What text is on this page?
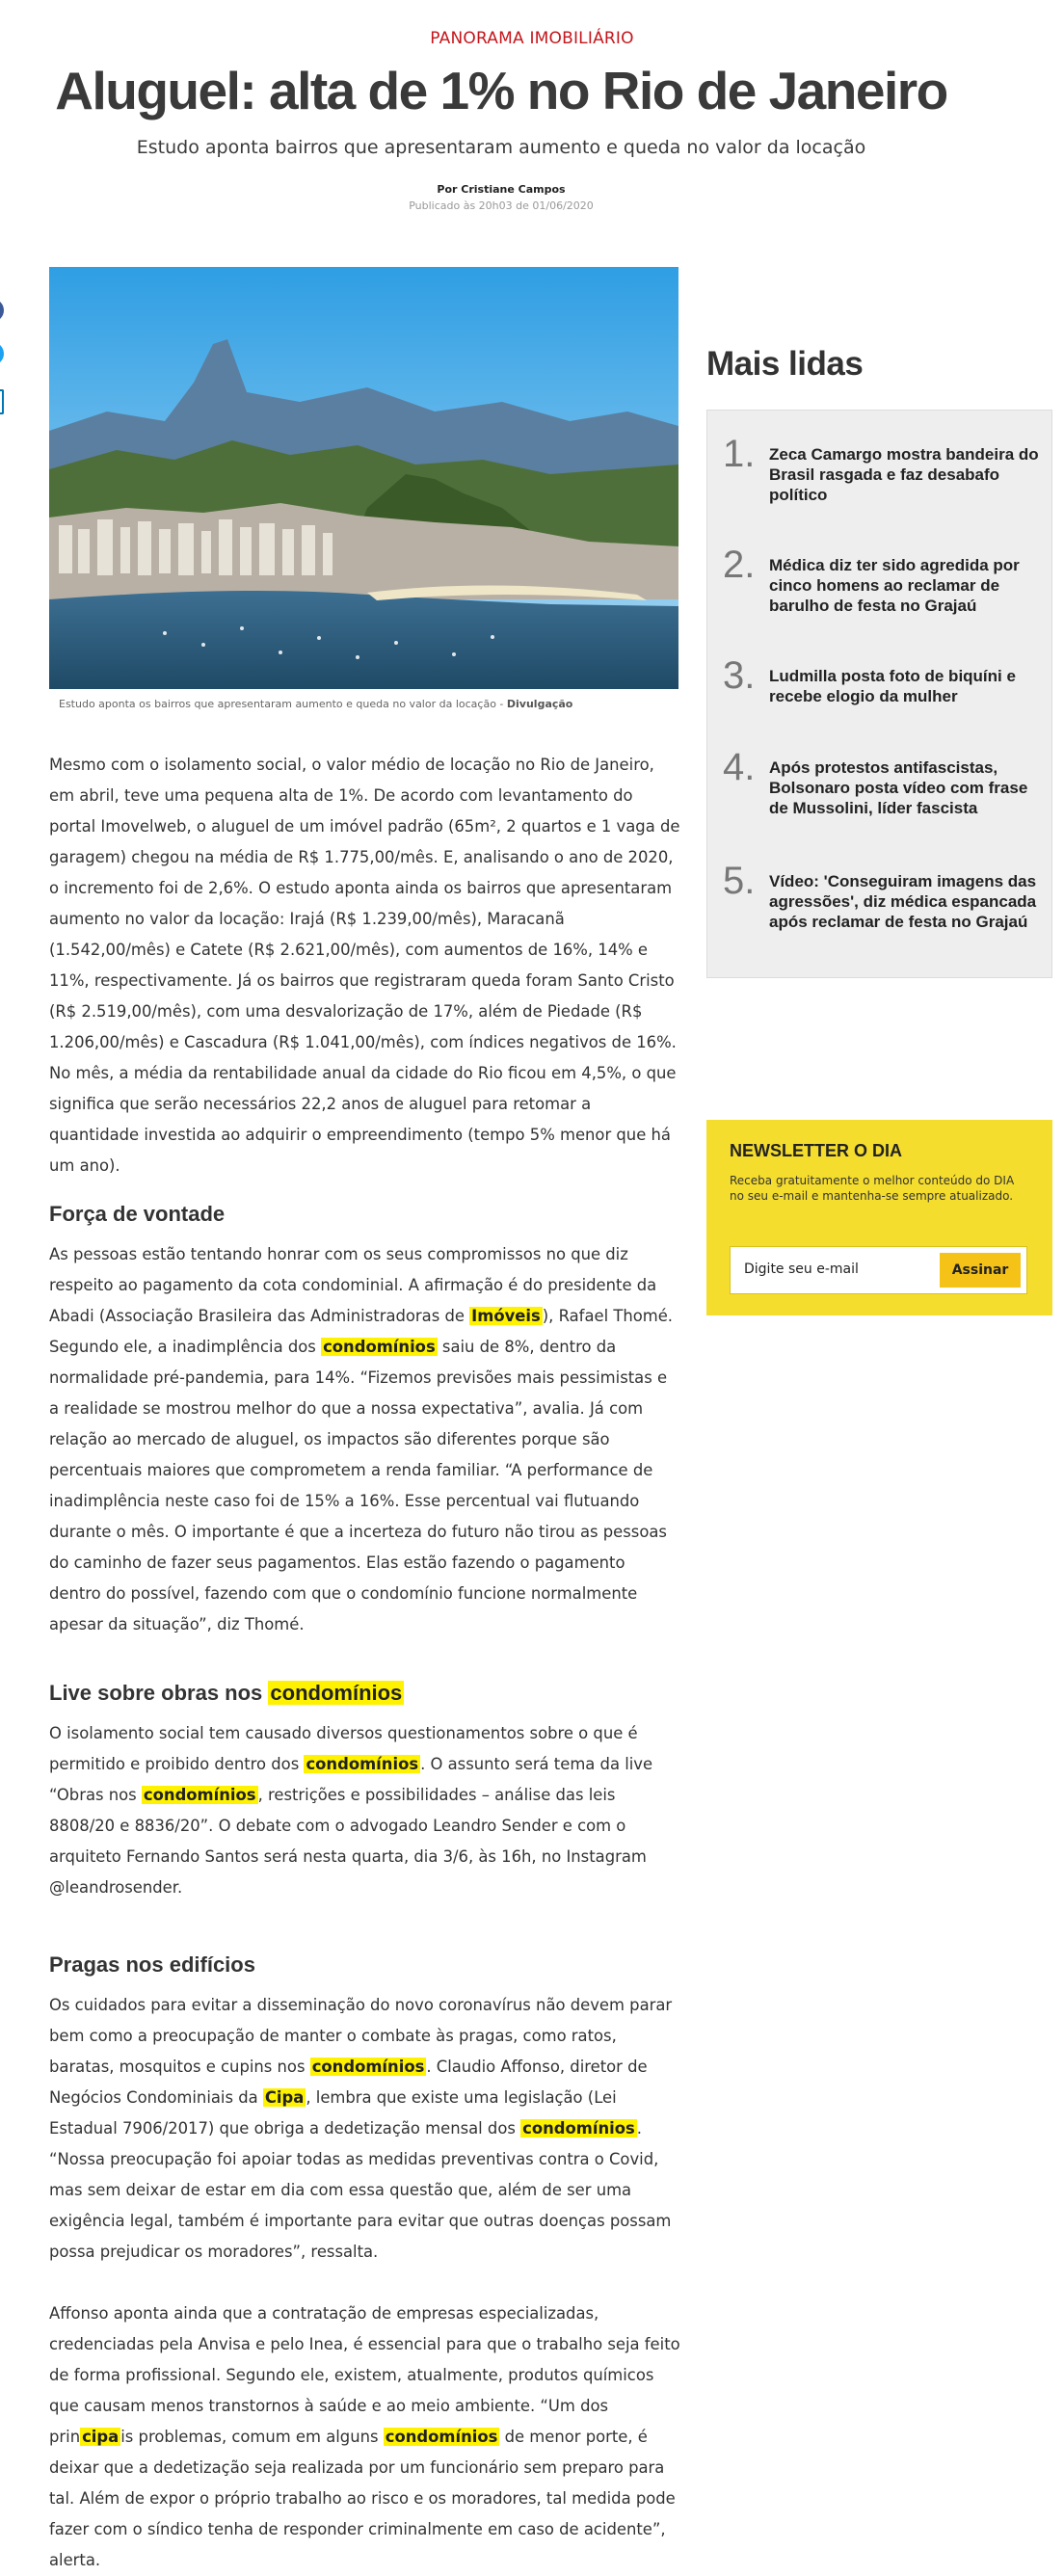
PANORAMA IMOBILIÁRIO
Aluguel: alta de 1% no Rio de Janeiro
Estudo aponta bairros que apresentaram aumento e queda no valor da locação
Por Cristiane Campos
Publicado às 20h03 de 01/06/2020
Estudo aponta os bairros que apresentaram aumento e queda no valor da locação - Divulgação

Mesmo com o isolamento social, o valor médio de locação no Rio de Janeiro, em abril, teve uma pequena alta de 1%. De acordo com levantamento do portal Imovelweb, o aluguel de um imóvel padrão (65m², 2 quartos e 1 vaga de garagem) chegou na média de R$ 1.775,00/mês. E, analisando o ano de 2020, o incremento foi de 2,6%. O estudo aponta ainda os bairros que apresentaram aumento no valor da locação: Irajá (R$ 1.239,00/mês), Maracanã (1.542,00/mês) e Catete (R$ 2.621,00/mês), com aumentos de 16%, 14% e 11%, respectivamente. Já os bairros que registraram queda foram Santo Cristo (R$ 2.519,00/mês), com uma desvalorização de 17%, além de Piedade (R$ 1.206,00/mês) e Cascadura (R$ 1.041,00/mês), com índices negativos de 16%. No mês, a média da rentabilidade anual da cidade do Rio ficou em 4,5%, o que significa que serão necessários 22,2 anos de aluguel para retomar a quantidade investida ao adquirir o empreendimento (tempo 5% menor que há um ano).

Força de vontade

As pessoas estão tentando honrar com os seus compromissos no que diz respeito ao pagamento da cota condominial. A afirmação é do presidente da Abadi (Associação Brasileira das Administradoras de Imóveis ), Rafael Thomé. Segundo ele, a inadimplência dos condomínios saiu de 8%, dentro da normalidade pré-pandemia, para 14%. “Fizemos previsões mais pessimistas e a realidade se mostrou melhor do que a nossa expectativa”, avalia. Já com relação ao mercado de aluguel, os impactos são diferentes porque são percentuais maiores que comprometem a renda familiar. “A performance de inadimplência neste caso foi de 15% a 16%. Esse percentual vai flutuando durante o mês. O importante é que a incerteza do futuro não tirou as pessoas do caminho de fazer seus pagamentos. Elas estão fazendo o pagamento dentro do possível, fazendo com que o condomínio funcione normalmente apesar da situação”, diz Thomé.

Live sobre obras nos condomínios

O isolamento social tem causado diversos questionamentos sobre o que é permitido e proibido dentro dos condomínios . O assunto será tema da live “Obras nos condomínios , restrições e possibilidades – análise das leis 8808/20 e 8836/20”. O debate com o advogado Leandro Sender e com o arquiteto Fernando Santos será nesta quarta, dia 3/6, às 16h, no Instagram @leandrosender.

Pragas nos edifícios

Os cuidados para evitar a disseminação do novo coronavírus não devem parar bem como a preocupação de manter o combate às pragas, como ratos, baratas, mosquitos e cupins nos condomínios . Claudio Affonso, diretor de Negócios Condominiais da Cipa , lembra que existe uma legislação (Lei Estadual 7906/2017) que obriga a dedetização mensal dos condomínios . “Nossa preocupação foi apoiar todas as medidas preventivas contra o Covid, mas sem deixar de estar em dia com essa questão que, além de ser uma exigência legal, também é importante para evitar que outras doenças possam possa prejudicar os moradores”, ressalta.

Affonso aponta ainda que a contratação de empresas especializadas, credenciadas pela Anvisa e pelo Inea, é essencial para que o trabalho seja feito de forma profissional. Segundo ele, existem, atualmente, produtos químicos que causam menos transtornos à saúde e ao meio ambiente. “Um dos prin cipa is problemas, comum em alguns condomínios de menor porte, é deixar que a dedetização seja realizada por um funcionário sem preparo para tal. Além de expor o próprio trabalho ao risco e os moradores, tal medida pode fazer com o síndico tenha de responder criminalmente em caso de acidente”, alerta.

Mais lidas
1. Zeca Camargo mostra bandeira do Brasil rasgada e faz desabafo político
2. Médica diz ter sido agredida por cinco homens ao reclamar de barulho de festa no Grajaú
3. Ludmilla posta foto de biquíni e recebe elogio da mulher
4. Após protestos antifascistas, Bolsonaro posta vídeo com frase de Mussolini, líder fascista
5. Vídeo: 'Conseguiram imagens das agressões', diz médica espancada após reclamar de festa no Grajaú
NEWSLETTER O DIA
Receba gratuitamente o melhor conteúdo do DIA no seu e-mail e mantenha-se sempre atualizado.
Digite seu e-mail
Assinar
